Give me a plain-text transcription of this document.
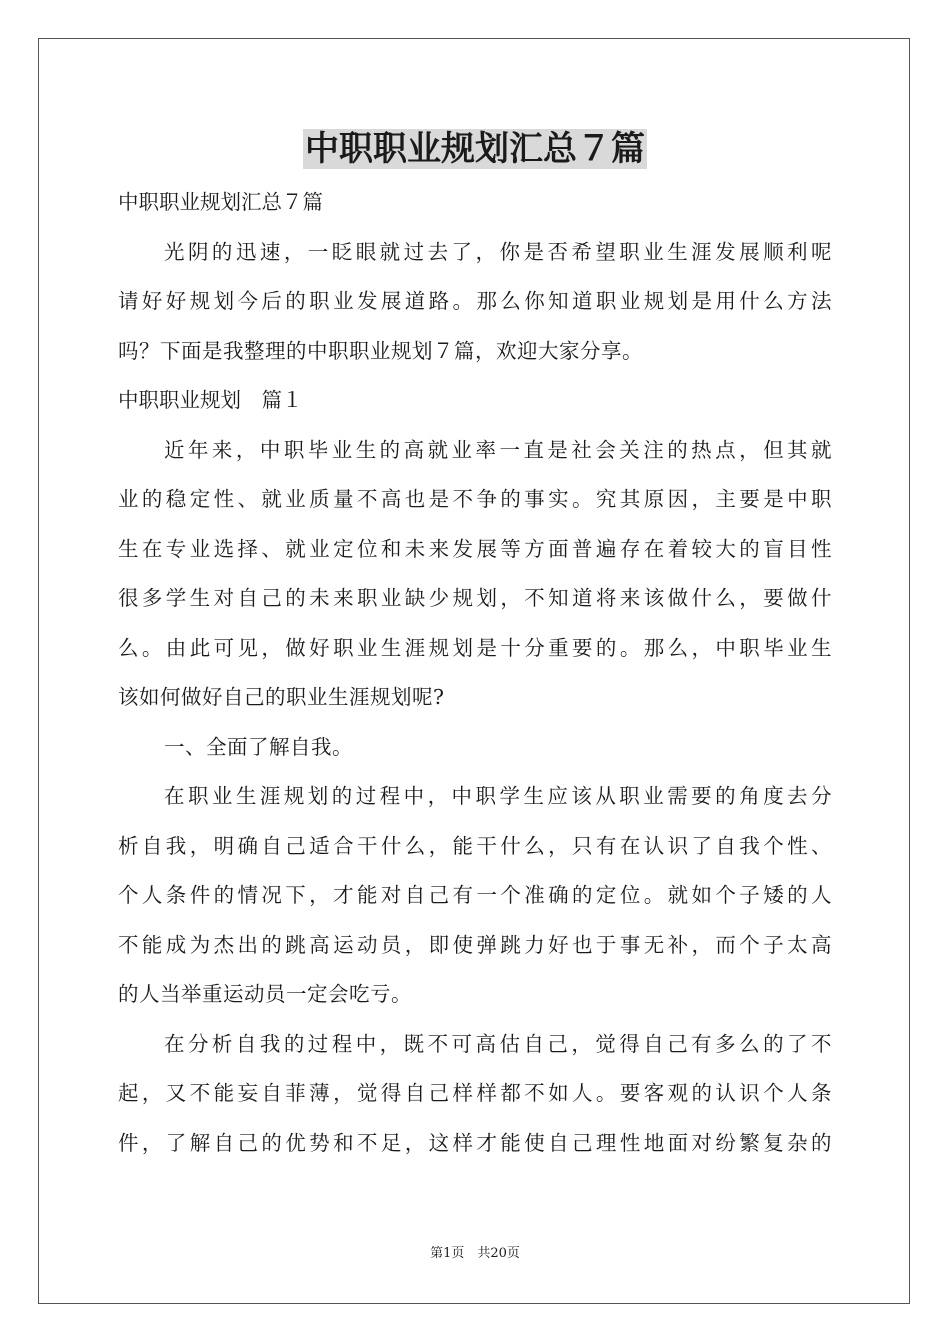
中职职业规划汇总７篇
中职职业规划汇总７篇
光阴的迅速，一眨眼就过去了，你是否希望职业生涯发展顺利呢
请好好规划今后的职业发展道路。那么你知道职业规划是用什么方法
吗？下面是我整理的中职职业规划７篇，欢迎大家分享。
中职职业规划　篇１
近年来，中职毕业生的高就业率一直是社会关注的热点，但其就
业的稳定性、就业质量不高也是不争的事实。究其原因，主要是中职
生在专业选择、就业定位和未来发展等方面普遍存在着较大的盲目性
很多学生对自己的未来职业缺少规划，不知道将来该做什么，要做什
么。由此可见，做好职业生涯规划是十分重要的。那么，中职毕业生
该如何做好自己的职业生涯规划呢?
一、全面了解自我。
在职业生涯规划的过程中，中职学生应该从职业需要的角度去分
析自我，明确自己适合干什么，能干什么，只有在认识了自我个性、
个人条件的情况下，才能对自己有一个准确的定位。就如个子矮的人
不能成为杰出的跳高运动员，即使弹跳力好也于事无补，而个子太高
的人当举重运动员一定会吃亏。
在分析自我的过程中，既不可高估自己，觉得自己有多么的了不
起，又不能妄自菲薄，觉得自己样样都不如人。要客观的认识个人条
件，了解自己的优势和不足，这样才能使自己理性地面对纷繁复杂的
第1页　共20页
